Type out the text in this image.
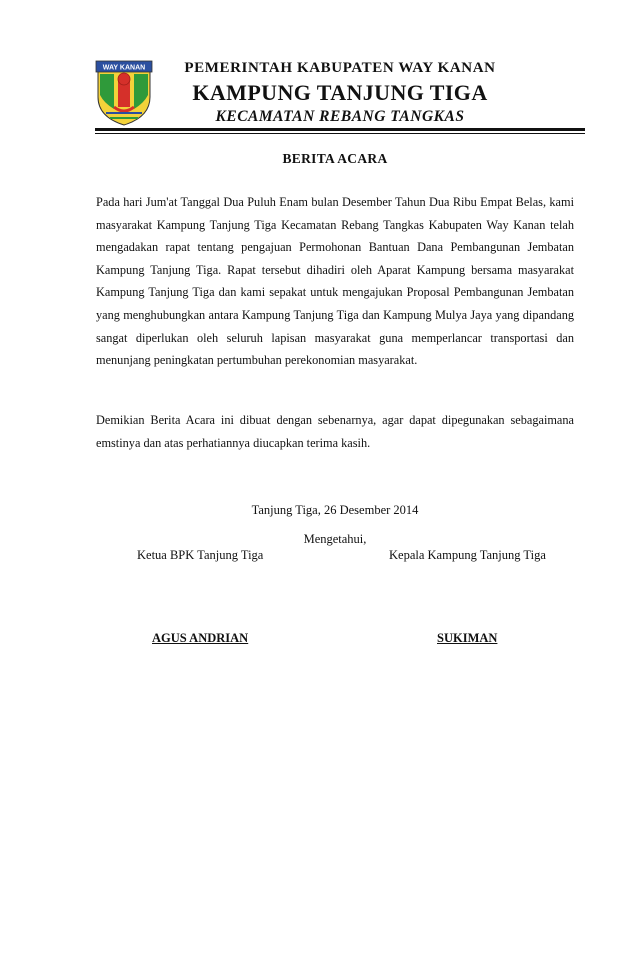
WAY KANAN	PEMERINTAH KABUPATEN WAY KANAN
KAMPUNG TANJUNG TIGA
KECAMATAN REBANG TANGKAS
BERITA ACARA

Pada hari Jum'at Tanggal Dua Puluh Enam bulan Desember Tahun Dua Ribu Empat Belas, kami masyarakat Kampung Tanjung Tiga Kecamatan Rebang Tangkas Kabupaten Way Kanan telah mengadakan rapat tentang pengajuan Permohonan Bantuan Dana Pembangunan Jembatan Kampung Tanjung Tiga. Rapat tersebut dihadiri oleh Aparat Kampung bersama masyarakat Kampung Tanjung Tiga dan kami sepakat untuk mengajukan Proposal Pembangunan Jembatan yang menghubungkan antara Kampung Tanjung Tiga dan Kampung Mulya Jaya yang dipandang sangat diperlukan oleh seluruh lapisan masyarakat guna memperlancar transportasi dan menunjang peningkatan pertumbuhan perekonomian masyarakat.

Demikian Berita Acara ini dibuat dengan sebenarnya, agar dapat dipegunakan sebagaimana emstinya dan atas perhatiannya diucapkan terima kasih.

Tanjung Tiga, 26 Desember 2014
Mengetahui,
Ketua BPK Tanjung Tiga	Kepala Kampung Tanjung Tiga
AGUS ANDRIAN	SUKIMAN
